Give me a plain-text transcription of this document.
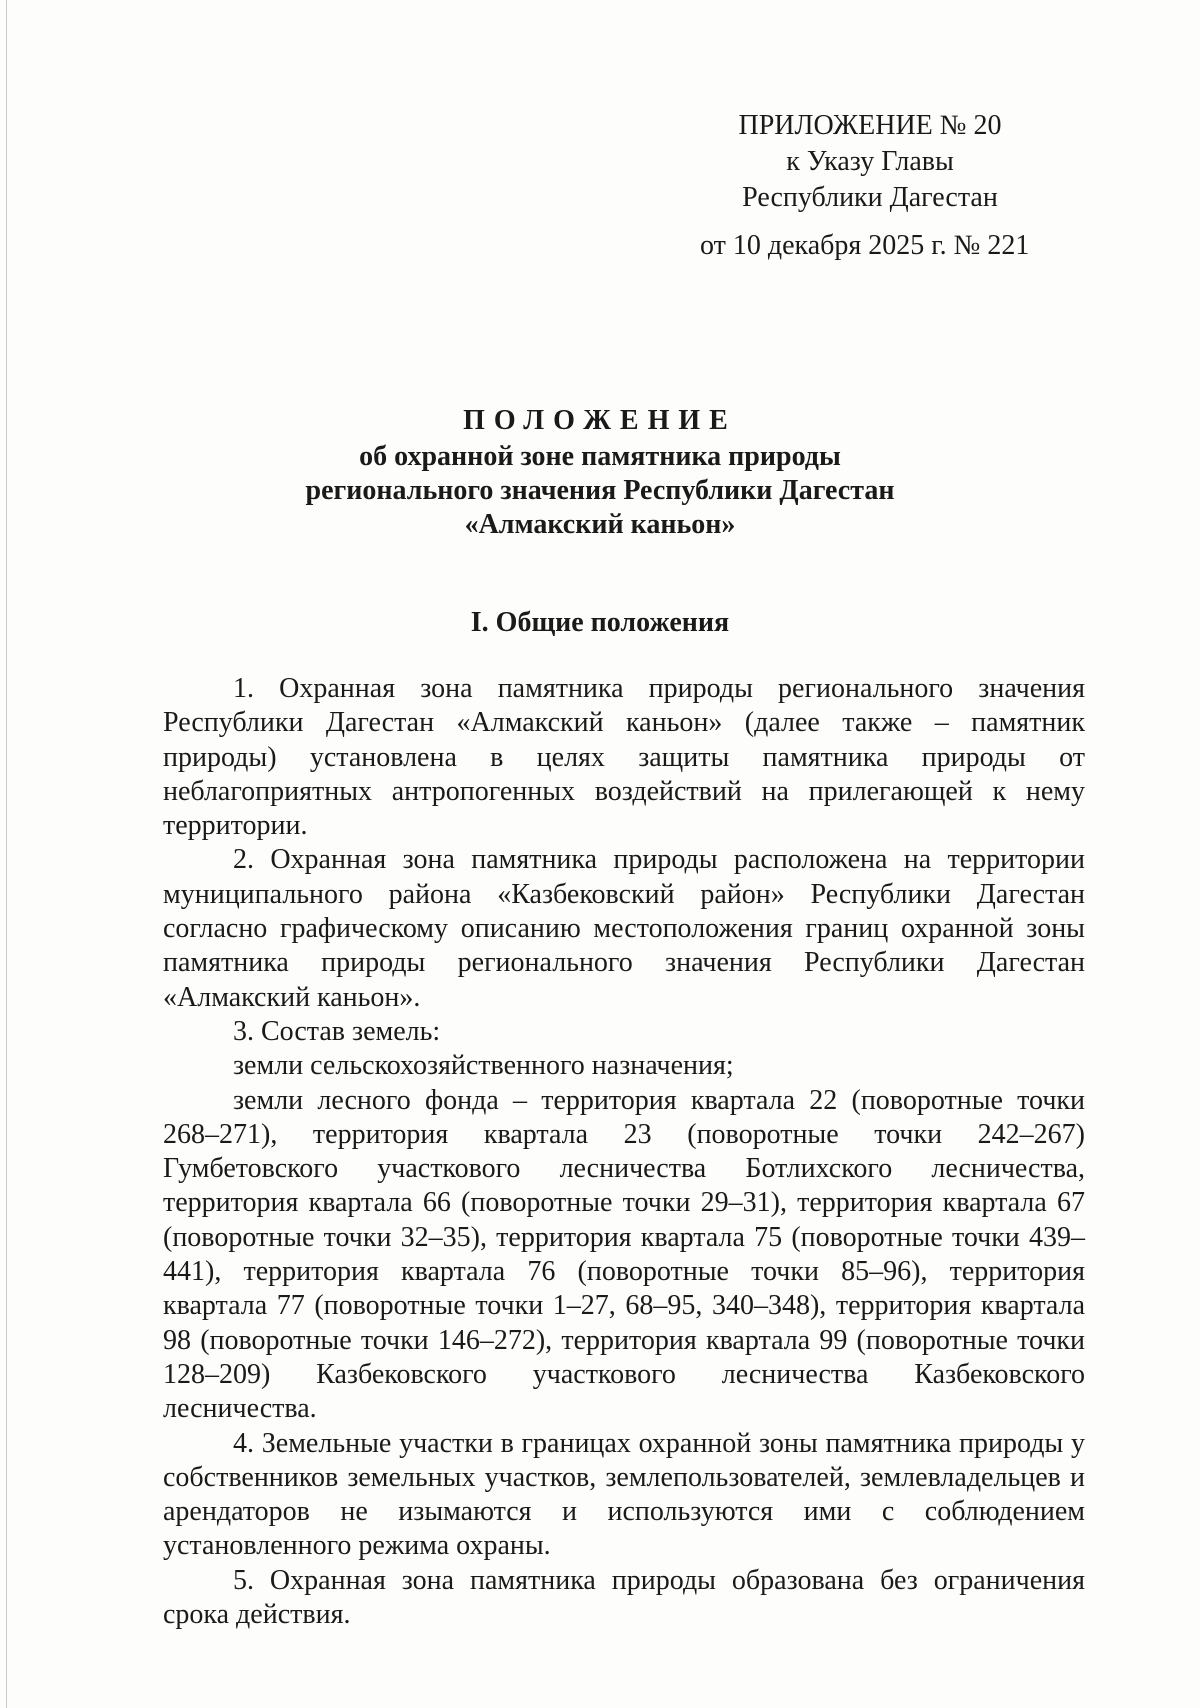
ПРИЛОЖЕНИЕ № 20
к Указу Главы
Республики Дагестан
от 10 декабря 2025 г. № 221
ПОЛОЖЕНИЕ
об охранной зоне памятника природы
регионального значения Республики Дагестан
«Алмакский каньон»
I. Общие положения

1. Охранная зона памятника природы регионального значения Республики Дагестан «Алмакский каньон» (далее также – памятник природы) установлена в целях защиты памятника природы от неблагоприятных антропогенных воздействий на прилегающей к нему территории.

2. Охранная зона памятника природы расположена на территории муниципального района «Казбековский район» Республики Дагестан согласно графическому описанию местоположения границ охранной зоны памятника природы регионального значения Республики Дагестан «Алмакский каньон».

3. Состав земель:

земли сельскохозяйственного назначения;

земли лесного фонда – территория квартала 22 (поворотные точки 268–271), территория квартала 23 (поворотные точки 242–267) Гумбетовского участкового лесничества Ботлихского лесничества, территория квартала 66 (поворотные точки 29–31), территория квартала 67 (поворотные точки 32–35), территория квартала 75 (поворотные точки 439–441), территория квартала 76 (поворотные точки 85–96), территория квартала 77 (поворотные точки 1–27, 68–95, 340–348), территория квартала 98 (поворотные точки 146–272), территория квартала 99 (поворотные точки 128–209) Казбековского участкового лесничества Казбековского лесничества.

4. Земельные участки в границах охранной зоны памятника природы у собственников земельных участков, землепользователей, землевладельцев и арендаторов не изымаются и используются ими с соблюдением установленного режима охраны.

5. Охранная зона памятника природы образована без ограничения срока действия.
